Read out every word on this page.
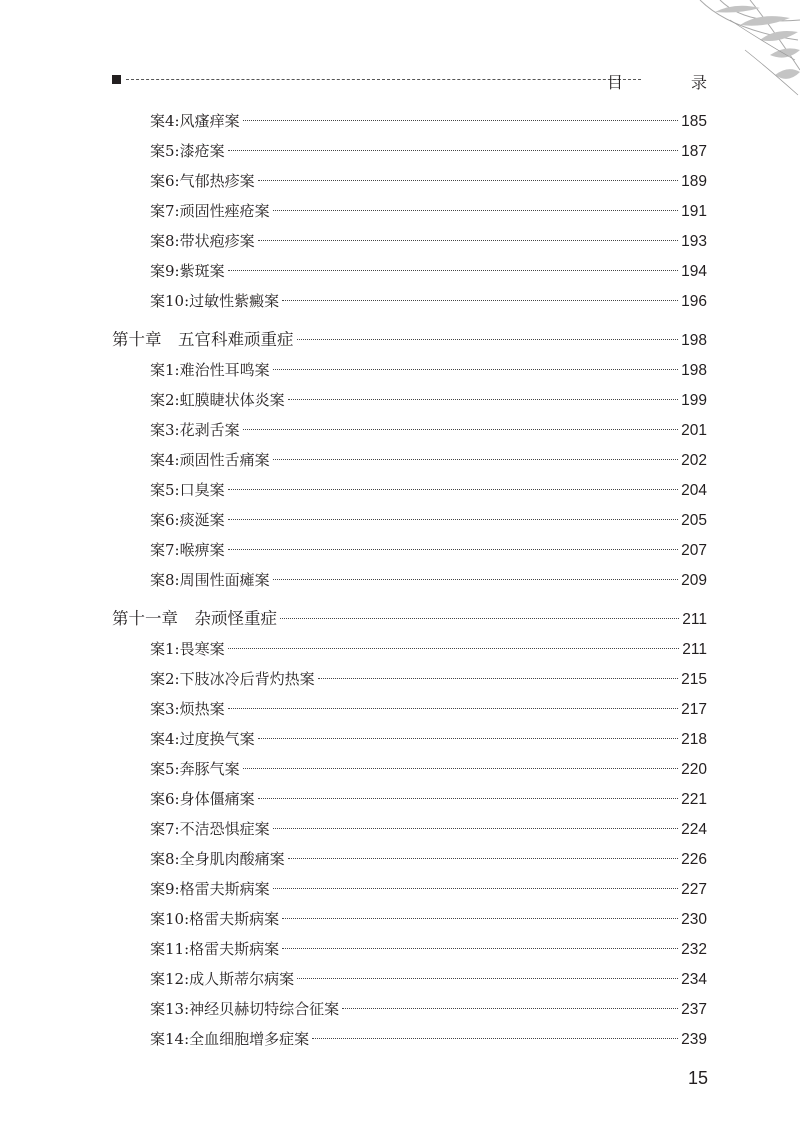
目　录
案4:风瘙痒案	185
案5:漆疮案	187
案6:气郁热疹案	189
案7:顽固性痤疮案	191
案8:带状疱疹案	193
案9:紫斑案	194
案10:过敏性紫癜案	196
第十章　五官科难顽重症	198
案1:难治性耳鸣案	198
案2:虹膜睫状体炎案	199
案3:花剥舌案	201
案4:顽固性舌痛案	202
案5:口臭案	204
案6:痰涎案	205
案7:喉痹案	207
案8:周围性面瘫案	209
第十一章　杂顽怪重症	211
案1:畏寒案	211
案2:下肢冰冷后背灼热案	215
案3:烦热案	217
案4:过度换气案	218
案5:奔豚气案	220
案6:身体僵痛案	221
案7:不洁恐惧症案	224
案8:全身肌肉酸痛案	226
案9:格雷夫斯病案	227
案10:格雷夫斯病案	230
案11:格雷夫斯病案	232
案12:成人斯蒂尔病案	234
案13:神经贝赫切特综合征案	237
案14:全血细胞增多症案	239
15
